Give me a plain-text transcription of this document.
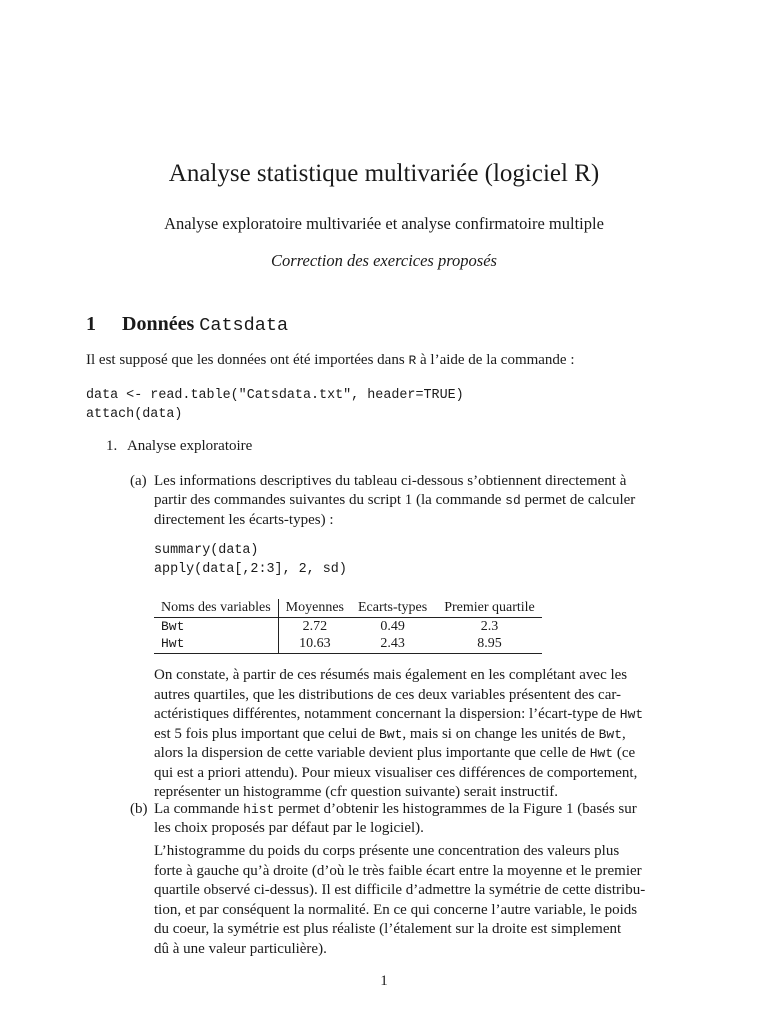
Analyse statistique multivariée (logiciel R)
Analyse exploratoire multivariée et analyse confirmatoire multiple
Correction des exercices proposés
1 Données Catsdata
Il est supposé que les données ont été importées dans R à l’aide de la commande :
data <- read.table("Catsdata.txt", header=TRUE)
attach(data)
1. Analyse exploratoire
(a) Les informations descriptives du tableau ci-dessous s’obtiennent directement à
partir des commandes suivantes du script 1 (la commande sd permet de calculer
directement les écarts-types) :
summary(data)
apply(data[,2:3], 2, sd)
Noms des variables	Moyennes	Ecarts-types	Premier quartile
Bwt	2.72	0.49	2.3
Hwt	10.63	2.43	8.95
On constate, à partir de ces résumés mais également en les complétant avec les
autres quartiles, que les distributions de ces deux variables présentent des car-
actéristiques différentes, notamment concernant la dispersion: l’écart-type de Hwt
est 5 fois plus important que celui de Bwt, mais si on change les unités de Bwt,
alors la dispersion de cette variable devient plus importante que celle de Hwt (ce
qui est a priori attendu). Pour mieux visualiser ces différences de comportement,
représenter un histogramme (cfr question suivante) serait instructif.
(b) La commande hist permet d’obtenir les histogrammes de la Figure 1 (basés sur
les choix proposés par défaut par le logiciel).
L’histogramme du poids du corps présente une concentration des valeurs plus
forte à gauche qu’à droite (d’où le très faible écart entre la moyenne et le premier
quartile observé ci-dessus). Il est difficile d’admettre la symétrie de cette distribu-
tion, et par conséquent la normalité. En ce qui concerne l’autre variable, le poids
du coeur, la symétrie est plus réaliste (l’étalement sur la droite est simplement
dû à une valeur particulière).
1
